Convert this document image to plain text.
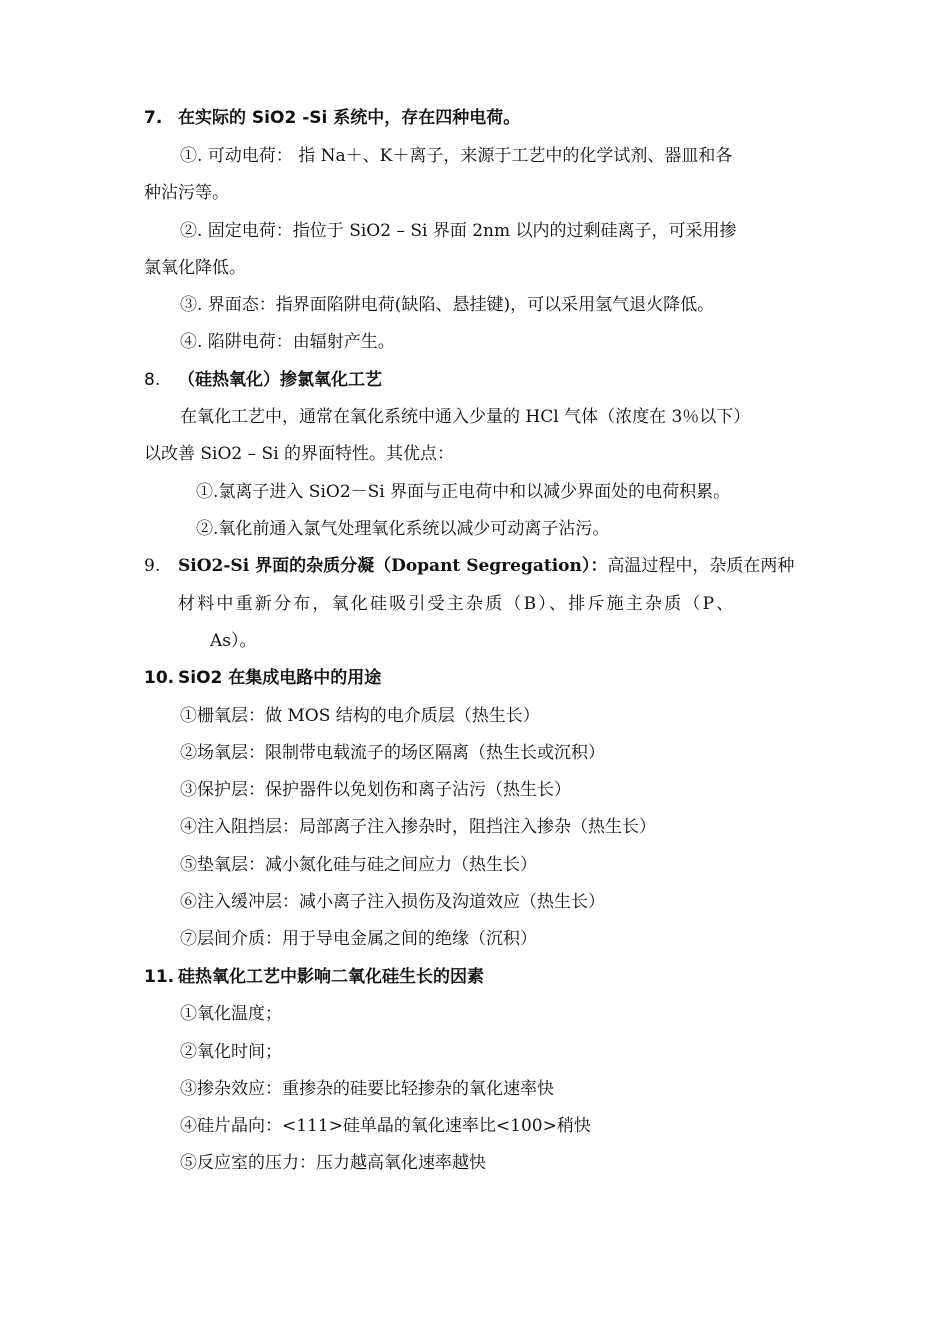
7. 在实际的 SiO2 -Si 系统中，存在四种电荷。
①. 可动电荷： 指 Na＋、K＋离子，来源于工艺中的化学试剂、器皿和各
种沾污等。
②. 固定电荷：指位于 SiO2 – Si 界面 2nm 以内的过剩硅离子，可采用掺
氯氧化降低。
③. 界面态：指界面陷阱电荷(缺陷、悬挂键)，可以采用氢气退火降低。
④. 陷阱电荷：由辐射产生。
8. （硅热氧化）掺氯氧化工艺
在氧化工艺中，通常在氧化系统中通入少量的 HCl 气体（浓度在 3％以下）
以改善 SiO2 – Si 的界面特性。其优点：
①.氯离子进入 SiO2－Si 界面与正电荷中和以减少界面处的电荷积累。
②.氧化前通入氯气处理氧化系统以减少可动离子沾污。
9. SiO2-Si 界面的杂质分凝（Dopant Segregation）：高温过程中，杂质在两种
材料中重新分布，氧化硅吸引受主杂质（B）、排斥施主杂质（P、
As）。
10. SiO2 在集成电路中的用途
①栅氧层：做 MOS 结构的电介质层（热生长）
②场氧层：限制带电载流子的场区隔离（热生长或沉积）
③保护层：保护器件以免划伤和离子沾污（热生长）
④注入阻挡层：局部离子注入掺杂时，阻挡注入掺杂（热生长）
⑤垫氧层：减小氮化硅与硅之间应力（热生长）
⑥注入缓冲层：减小离子注入损伤及沟道效应（热生长）
⑦层间介质：用于导电金属之间的绝缘（沉积）
11. 硅热氧化工艺中影响二氧化硅生长的因素
①氧化温度；
②氧化时间；
③掺杂效应：重掺杂的硅要比轻掺杂的氧化速率快
④硅片晶向：<111>硅单晶的氧化速率比<100>稍快
⑤反应室的压力：压力越高氧化速率越快
